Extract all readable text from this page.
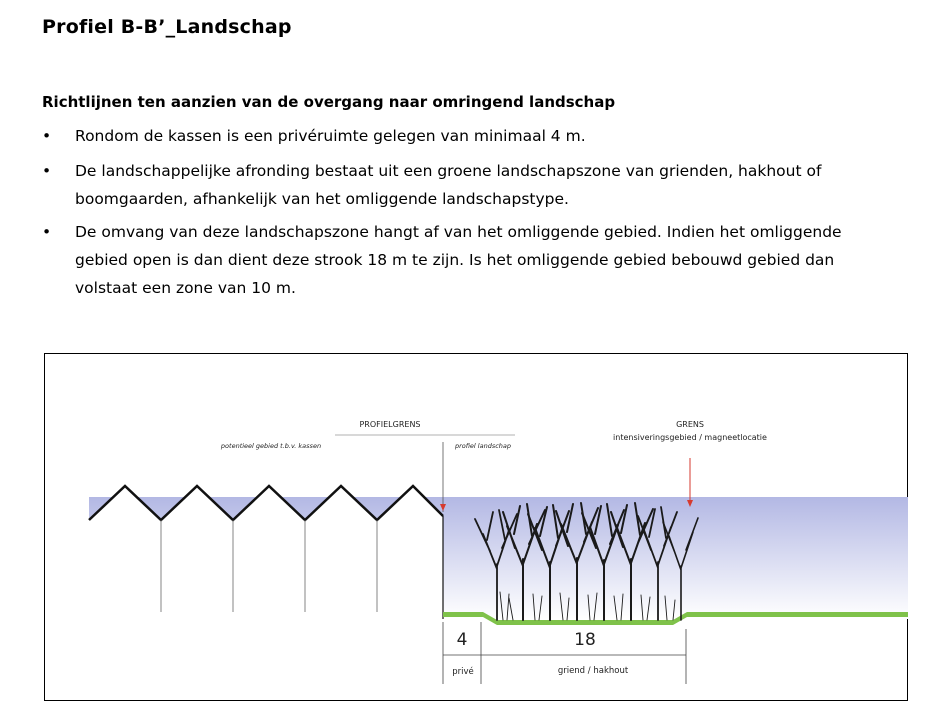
Profiel B-B’_Landschap
Richtlijnen ten aanzien van de overgang naar omringend landschap
•	Rondom de kassen is een privéruimte gelegen van minimaal 4 m.
•	De landschappelijke afronding bestaat uit een groene landschapszone van grienden, hakhout of
boomgaarden, afhankelijk van het omliggende landschapstype.
•	De omvang van deze landschapszone hangt af van het omliggende gebied. Indien het omliggende
gebied open is dan dient deze strook 18 m te zijn. Is het omliggende gebied bebouwd gebied dan
volstaat een zone van 10 m.
PROFIELGRENS
potentieel gebied t.b.v. kassen	profiel landschap
GRENS
intensiveringsgebied / magneetlocatie
4	18
privé	griend / hakhout
